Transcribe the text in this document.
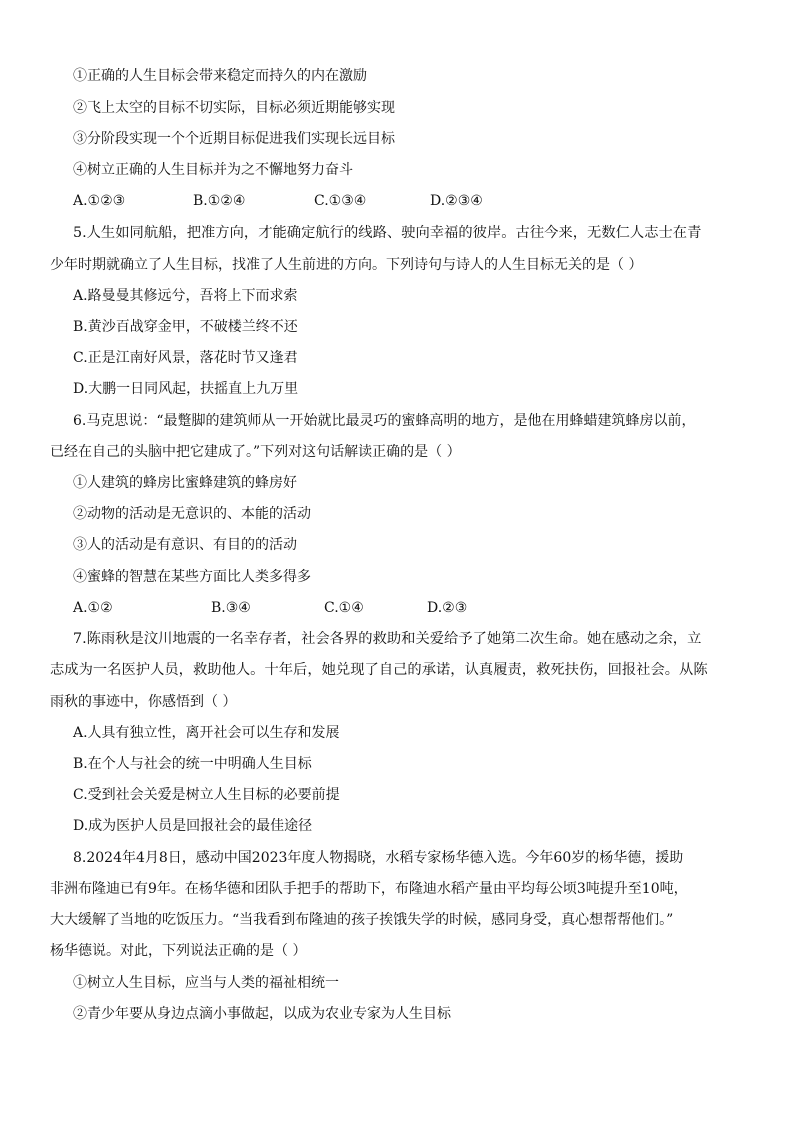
①正确的人生目标会带来稳定而持久的内在激励
②飞上太空的目标不切实际，目标必须近期能够实现
③分阶段实现一个个近期目标促进我们实现长远目标
④树立正确的人生目标并为之不懈地努力奋斗
A.①②③	B.①②④	C.①③④	D.②③④
5.人生如同航船，把准方向，才能确定航行的线路、驶向幸福的彼岸。古往今来，无数仁人志士在青
少年时期就确立了人生目标，找准了人生前进的方向。下列诗句与诗人的人生目标无关的是（ ）
A.路曼曼其修远兮，吾将上下而求索
B.黄沙百战穿金甲，不破楼兰终不还
C.正是江南好风景，落花时节又逢君
D.大鹏一日同风起，扶摇直上九万里
6.马克思说：“最蹩脚的建筑师从一开始就比最灵巧的蜜蜂高明的地方，是他在用蜂蜡建筑蜂房以前，
已经在自己的头脑中把它建成了。”下列对这句话解读正确的是（ ）
①人建筑的蜂房比蜜蜂建筑的蜂房好
②动物的活动是无意识的、本能的活动
③人的活动是有意识、有目的的活动
④蜜蜂的智慧在某些方面比人类多得多
A.①②	B.③④	C.①④	D.②③
7.陈雨秋是汶川地震的一名幸存者，社会各界的救助和关爱给予了她第二次生命。她在感动之余，立
志成为一名医护人员，救助他人。十年后，她兑现了自己的承诺，认真履责，救死扶伤，回报社会。从陈
雨秋的事迹中，你感悟到（ ）
A.人具有独立性，离开社会可以生存和发展
B.在个人与社会的统一中明确人生目标
C.受到社会关爱是树立人生目标的必要前提
D.成为医护人员是回报社会的最佳途径
8.2024年4月8日，感动中国2023年度人物揭晓，水稻专家杨华德入选。今年60岁的杨华德，援助
非洲布隆迪已有9年。在杨华德和团队手把手的帮助下，布隆迪水稻产量由平均每公顷3吨提升至10吨，
大大缓解了当地的吃饭压力。“当我看到布隆迪的孩子挨饿失学的时候，感同身受，真心想帮帮他们。”
杨华德说。对此，下列说法正确的是（ ）
①树立人生目标，应当与人类的福祉相统一
②青少年要从身边点滴小事做起，以成为农业专家为人生目标
